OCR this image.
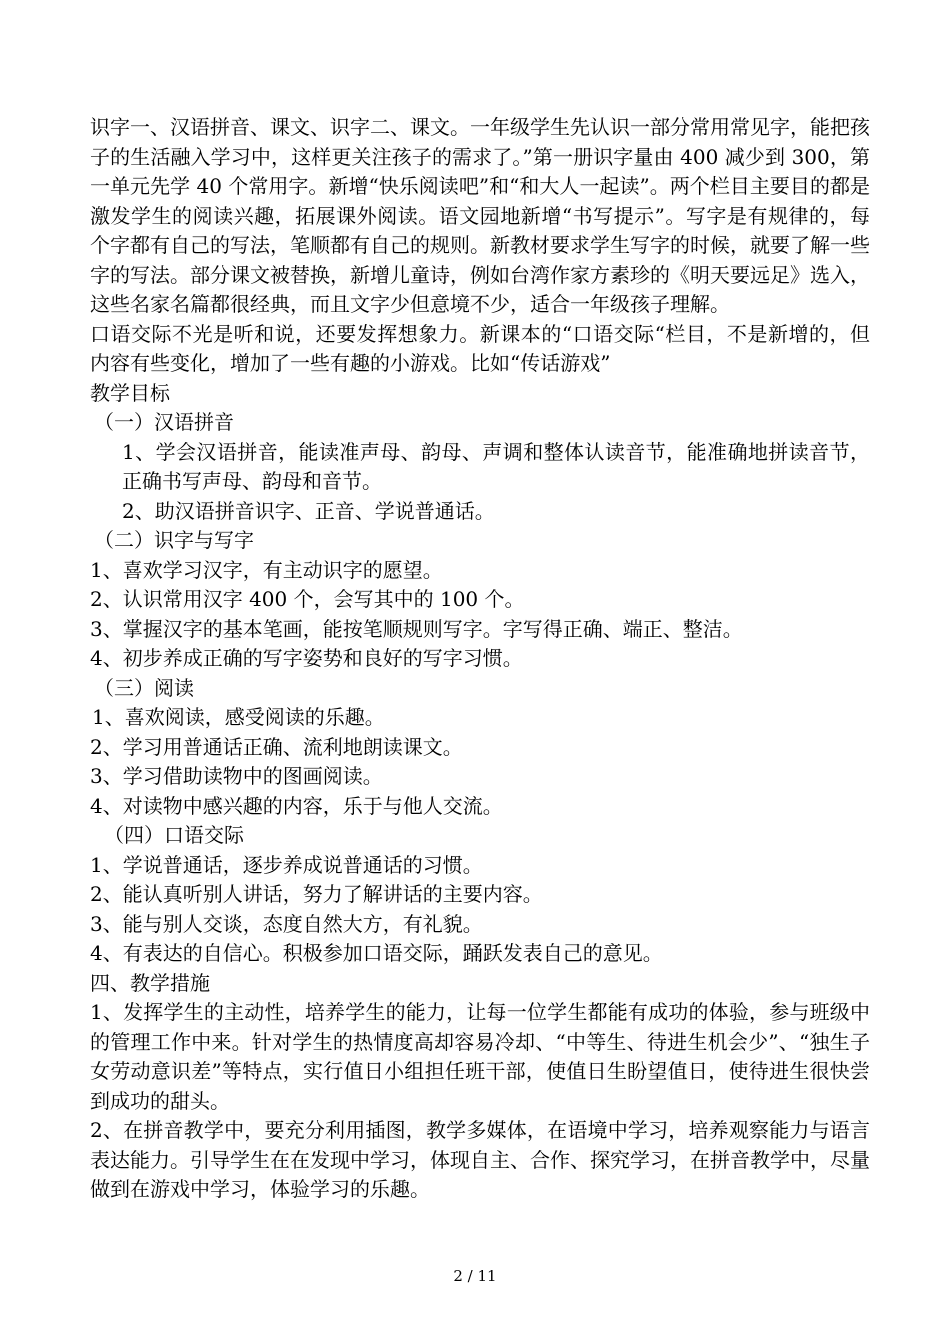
识字一、汉语拼音、课文、识字二、课文。一年级学生先认识一部分常用常见字，能把孩子的生活融入学习中，这样更关注孩子的需求了。”第一册识字量由 400 减少到 300，第一单元先学 40 个常用字。新增“快乐阅读吧”和“和大人一起读”。两个栏目主要目的都是激发学生的阅读兴趣，拓展课外阅读。语文园地新增“书写提示”。写字是有规律的，每个字都有自己的写法，笔顺都有自己的规则。新教材要求学生写字的时候，就要了解一些字的写法。部分课文被替换，新增儿童诗，例如台湾作家方素珍的《明天要远足》选入，这些名家名篇都很经典，而且文字少但意境不少，适合一年级孩子理解。

口语交际不光是听和说，还要发挥想象力。新课本的“口语交际“栏目，不是新增的，但内容有些变化，增加了一些有趣的小游戏。比如“传话游戏”

教学目标

（一）汉语拼音

1、学会汉语拼音，能读准声母、韵母、声调和整体认读音节，能准确地拼读音节，正确书写声母、韵母和音节。

2、助汉语拼音识字、正音、学说普通话。

（二）识字与写字

1、喜欢学习汉字，有主动识字的愿望。

2、认识常用汉字 400 个，会写其中的 100 个。

3、掌握汉字的基本笔画，能按笔顺规则写字。字写得正确、端正、整洁。

4、初步养成正确的写字姿势和良好的写字习惯。

（三）阅读

1、喜欢阅读，感受阅读的乐趣。

2、学习用普通话正确、流利地朗读课文。

3、学习借助读物中的图画阅读。

4、对读物中感兴趣的内容，乐于与他人交流。

（四）口语交际

1、学说普通话，逐步养成说普通话的习惯。

2、能认真听别人讲话，努力了解讲话的主要内容。

3、能与别人交谈，态度自然大方，有礼貌。

4、有表达的自信心。积极参加口语交际，踊跃发表自己的意见。

四、教学措施

1、发挥学生的主动性，培养学生的能力，让每一位学生都能有成功的体验，参与班级中的管理工作中来。针对学生的热情度高却容易冷却、“中等生、待进生机会少”、“独生子女劳动意识差”等特点，实行值日小组担任班干部，使值日生盼望值日，使待进生很快尝到成功的甜头。

2、在拼音教学中，要充分利用插图，教学多媒体，在语境中学习，培养观察能力与语言表达能力。引导学生在在发现中学习，体现自主、合作、探究学习，在拼音教学中，尽量做到在游戏中学习，体验学习的乐趣。

2 / 11
